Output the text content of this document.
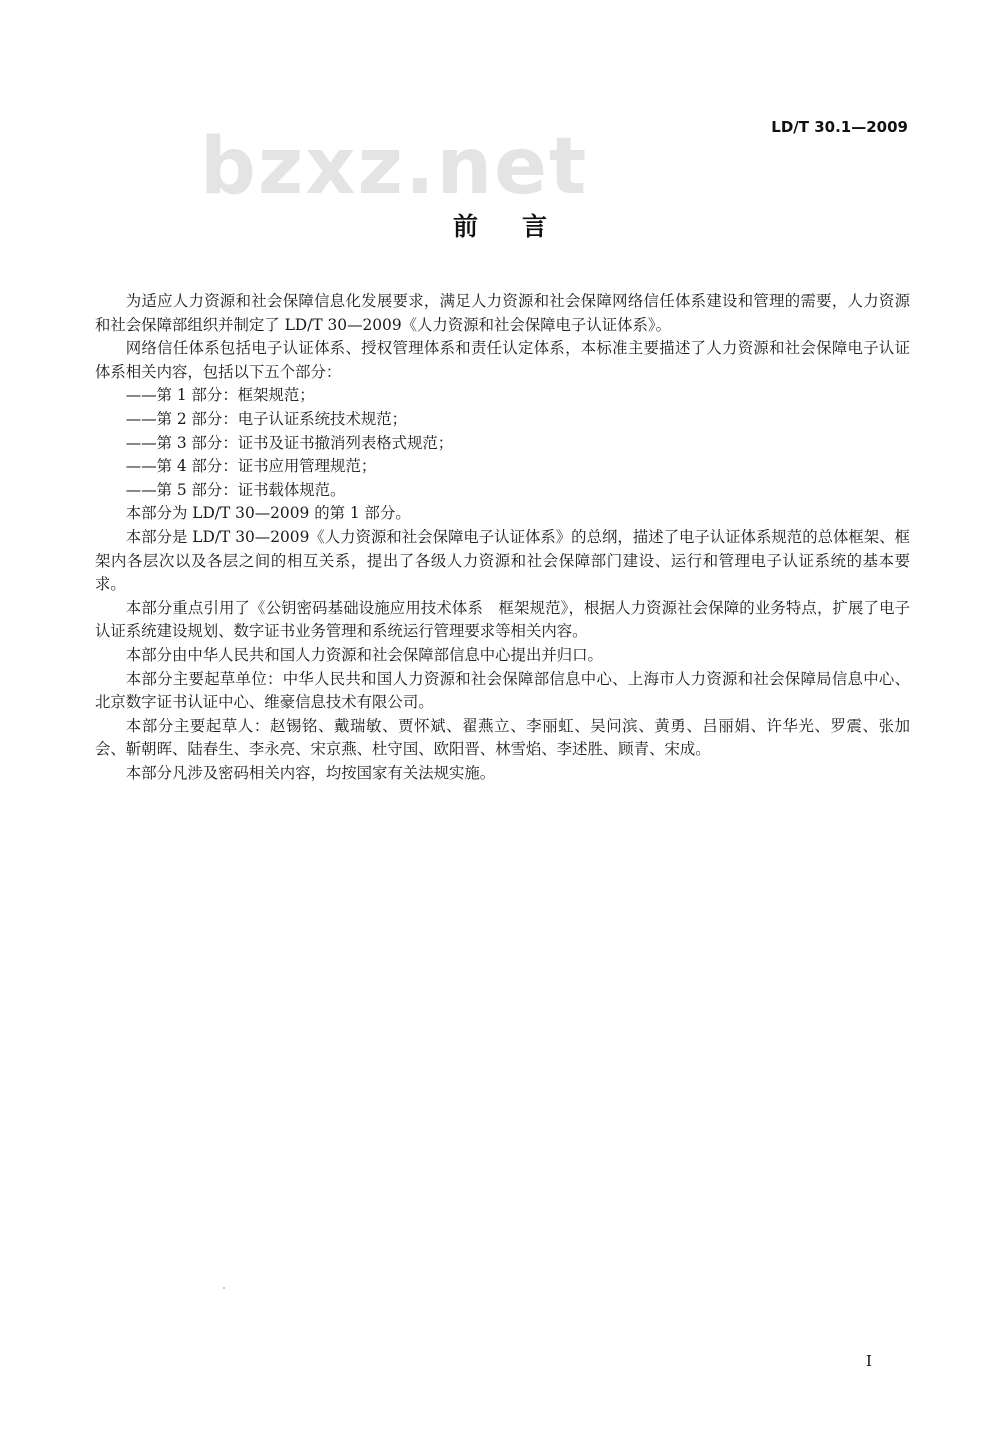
bzxz.net	LD/T 30.1—2009
前言

为适应人力资源和社会保障信息化发展要求，满足人力资源和社会保障网络信任体系建设和管理的需要，人力资源和社会保障部组织并制定了 LD/T 30—2009《人力资源和社会保障电子认证体系》。

网络信任体系包括电子认证体系、授权管理体系和责任认定体系，本标准主要描述了人力资源和社会保障电子认证体系相关内容，包括以下五个部分：

——第 1 部分：框架规范；

——第 2 部分：电子认证系统技术规范；

——第 3 部分：证书及证书撤消列表格式规范；

——第 4 部分：证书应用管理规范；

——第 5 部分：证书载体规范。

本部分为 LD/T 30—2009 的第 1 部分。

本部分是 LD/T 30—2009《人力资源和社会保障电子认证体系》的总纲，描述了电子认证体系规范的总体框架、框架内各层次以及各层之间的相互关系，提出了各级人力资源和社会保障部门建设、运行和管理电子认证系统的基本要求。

本部分重点引用了《公钥密码基础设施应用技术体系　框架规范》，根据人力资源社会保障的业务特点，扩展了电子认证系统建设规划、数字证书业务管理和系统运行管理要求等相关内容。

本部分由中华人民共和国人力资源和社会保障部信息中心提出并归口。

本部分主要起草单位：中华人民共和国人力资源和社会保障部信息中心、上海市人力资源和社会保障局信息中心、北京数字证书认证中心、维豪信息技术有限公司。

本部分主要起草人：赵锡铭、戴瑞敏、贾怀斌、翟燕立、李丽虹、吴问滨、黄勇、吕丽娟、许华光、罗震、张加会、靳朝晖、陆春生、李永亮、宋京燕、杜守国、欧阳晋、林雪焰、李述胜、顾青、宋成。

本部分凡涉及密码相关内容，均按国家有关法规实施。

I
